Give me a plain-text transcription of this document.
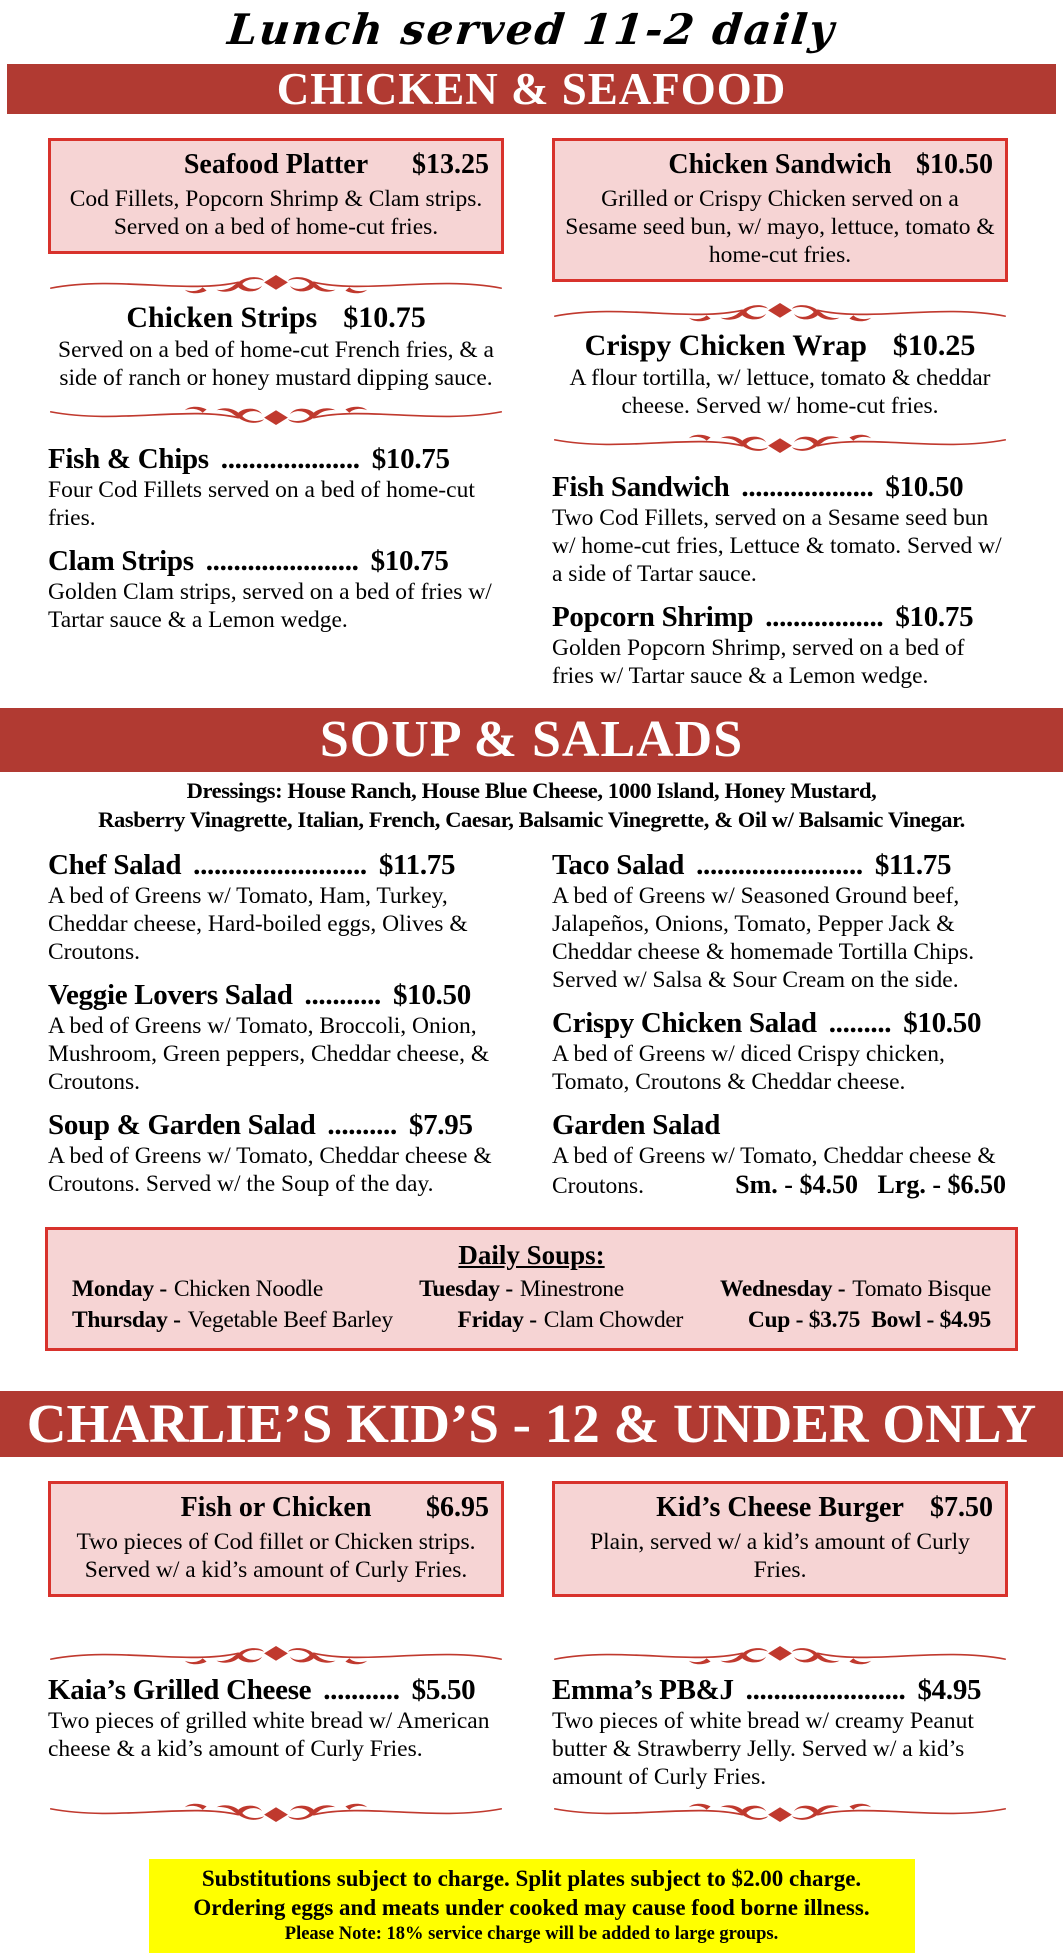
Lunch served 11-2 daily
CHICKEN & SEAFOOD
Seafood Platter $13.25
Cod Fillets, Popcorn Shrimp & Clam strips. Served on a bed of home-cut fries.
Chicken Strips $10.75
Served on a bed of home-cut French fries, & a side of ranch or honey mustard dipping sauce.
Fish & Chips .................... $10.75
Four Cod Fillets served on a bed of home-cut fries.
Clam Strips ...................... $10.75
Golden Clam strips, served on a bed of fries w/ Tartar sauce & a Lemon wedge.
Chicken Sandwich $10.50
Grilled or Crispy Chicken served on a Sesame seed bun, w/ mayo, lettuce, tomato & home-cut fries.
Crispy Chicken Wrap $10.25
A flour tortilla, w/ lettuce, tomato & cheddar cheese. Served w/ home-cut fries.
Fish Sandwich ................... $10.50
Two Cod Fillets, served on a Sesame seed bun w/ home-cut fries, Lettuce & tomato. Served w/ a side of Tartar sauce.
Popcorn Shrimp ................. $10.75
Golden Popcorn Shrimp, served on a bed of fries w/ Tartar sauce & a Lemon wedge.
SOUP & SALADS
Dressings: House Ranch, House Blue Cheese, 1000 Island, Honey Mustard,
Rasberry Vinagrette, Italian, French, Caesar, Balsamic Vinegrette, & Oil w/ Balsamic Vinegar.
Chef Salad ......................... $11.75
A bed of Greens w/ Tomato, Ham, Turkey, Cheddar cheese, Hard-boiled eggs, Olives & Croutons.
Veggie Lovers Salad ........... $10.50
A bed of Greens w/ Tomato, Broccoli, Onion, Mushroom, Green peppers, Cheddar cheese, & Croutons.
Soup & Garden Salad .......... $7.95
A bed of Greens w/ Tomato, Cheddar cheese & Croutons. Served w/ the Soup of the day.
Taco Salad ........................ $11.75
A bed of Greens w/ Seasoned Ground beef, Jalapeños, Onions, Tomato, Pepper Jack & Cheddar cheese & homemade Tortilla Chips. Served w/ Salsa & Sour Cream on the side.
Crispy Chicken Salad ......... $10.50
A bed of Greens w/ diced Crispy chicken, Tomato, Croutons & Cheddar cheese.
Garden Salad
A bed of Greens w/ Tomato, Cheddar cheese &
Croutons.	Sm. - $4.50   Lrg. - $6.50
Daily Soups:
Monday - Chicken Noodle	Tuesday - Minestrone	Wednesday - Tomato Bisque
Thursday - Vegetable Beef Barley	Friday - Clam Chowder	Cup - $3.75  Bowl - $4.95
CHARLIE’S KID’S - 12 & UNDER ONLY
Fish or Chicken $6.95
Two pieces of Cod fillet or Chicken strips. Served w/ a kid’s amount of Curly Fries.
Kid’s Cheese Burger $7.50
Plain, served w/ a kid’s amount of Curly Fries.
Kaia’s Grilled Cheese ........... $5.50
Two pieces of grilled white bread w/ American cheese & a kid’s amount of Curly Fries.
Emma’s PB&J ....................... $4.95
Two pieces of white bread w/ creamy Peanut butter & Strawberry Jelly. Served w/ a kid’s amount of Curly Fries.
Substitutions subject to charge. Split plates subject to $2.00 charge.
Ordering eggs and meats under cooked may cause food borne illness.
Please Note: 18% service charge will be added to large groups.
